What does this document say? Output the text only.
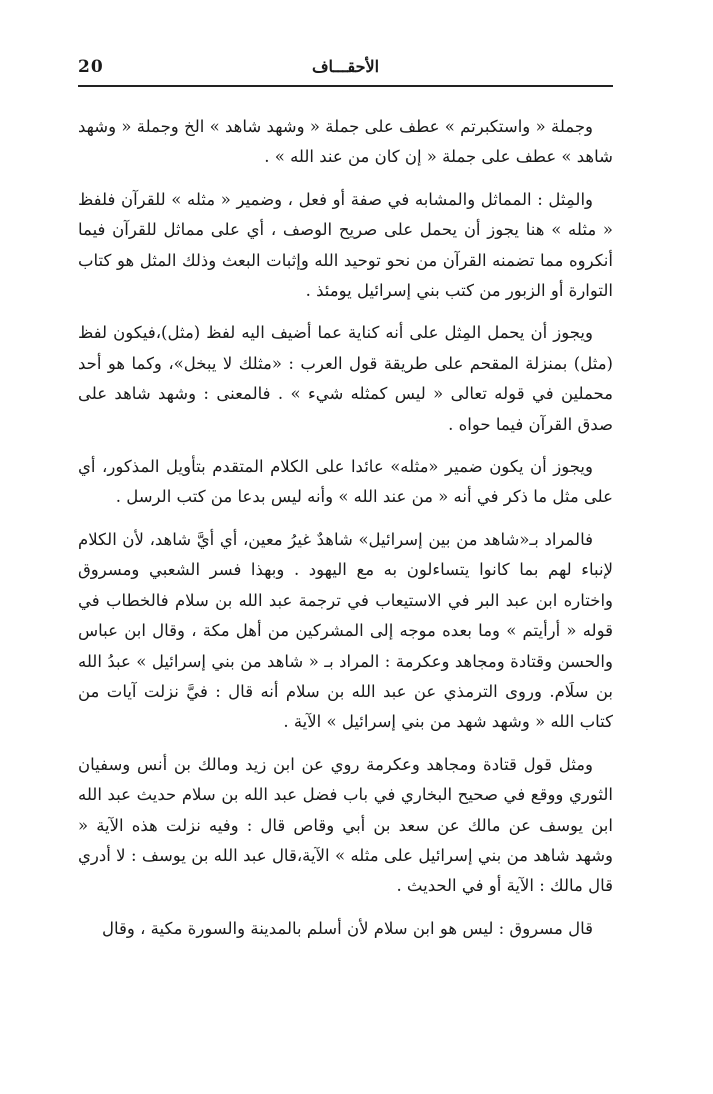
20	الأحقـــاف

وجملة « واستكبرتم » عطف على جملة « وشهد شاهد » الخ وجملة « وشهد شاهد » عطف على جملة « إن كان من عند الله » .

والمِثل : المماثل والمشابه في صفة أو فعل ، وضمير « مثله » للقرآن فلفظ « مثله » هنا يجوز أن يحمل على صريح الوصف ، أي على مماثل للقرآن فيما أنكروه مما تضمنه القرآن من نحو توحيد الله وإثبات البعث وذلك المثل هو كتاب التوارة أو الزبور من كتب بني إسرائيل يومئذ .

ويجوز أن يحمل المِثل على أنه كناية عما أضيف اليه لفظ (مثل)،فيكون لفظ (مثل) بمنزلة المقحم على طريقة قول العرب : «مثلك لا يبخل»، وكما هو أحد محملين في قوله تعالى « ليس كمثله شيء » . فالمعنى : وشهد شاهد على صدق القرآن فيما حواه .

ويجوز أن يكون ضمير «مثله» عائدا على الكلام المتقدم بتأويل المذكور، أي على مثل ما ذكر في أنه « من عند الله » وأنه ليس بدعا من كتب الرسل .

فالمراد بـ«شاهد من بين إسرائيل» شاهدٌ غيرُ معين، أي أيَّ شاهد، لأن الكلام لإنباء لهم بما كانوا يتساءلون به مع اليهود . وبهذا فسر الشعبي ومسروق واختاره ابن عبد البر في الاستيعاب في ترجمة عبد الله بن سلام فالخطاب في قوله « أرأيتم » وما بعده موجه إلى المشركين من أهل مكة ، وقال ابن عباس والحسن وقتادة ومجاهد وعكرمة : المراد بـ « شاهد من بني إسرائيل » عبدُ الله بن سلَام. وروى الترمذي عن عبد الله بن سلام أنه قال : فيَّ نزلت آيات من كتاب الله « وشهد شهد من بني إسرائيل » الآية .

ومثل قول قتادة ومجاهد وعكرمة روي عن ابن زيد ومالك بن أنس وسفيان الثوري ووقع في صحيح البخاري في باب فضل عبد الله بن سلام حديث عبد الله ابن يوسف عن مالك عن سعد بن أبي وقاص قال : وفيه نزلت هذه الآية « وشهد شاهد من بني إسرائيل على مثله » الآية،قال عبد الله بن يوسف : لا أدري قال مالك : الآية أو في الحديث .

قال مسروق : ليس هو ابن سلام لأن أسلم بالمدينة والسورة مكية ، وقال
